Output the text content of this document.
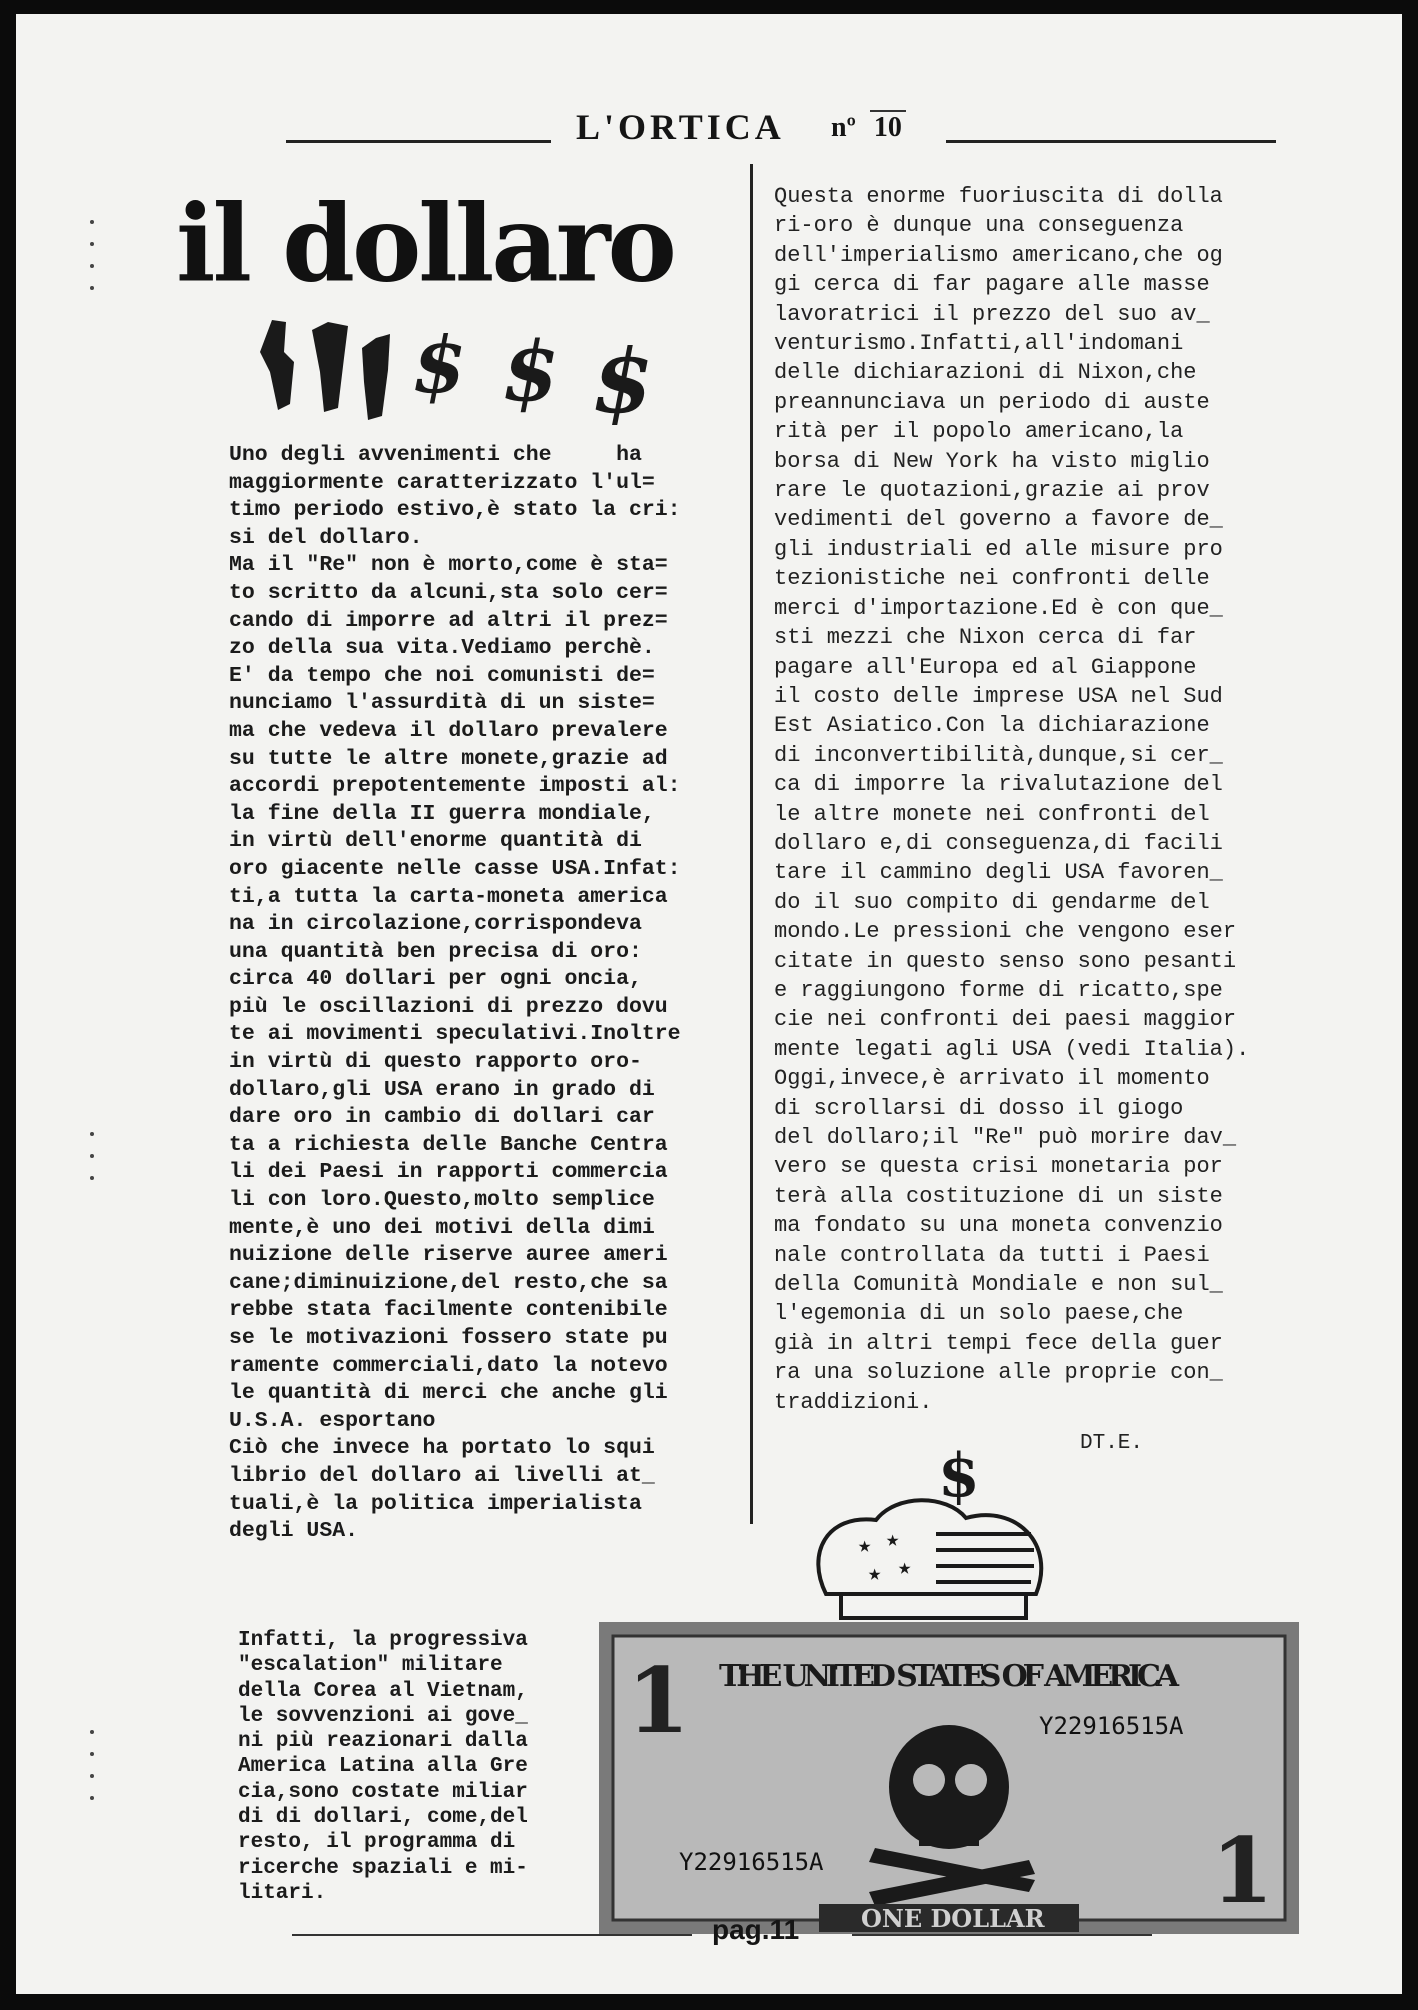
L'ORTICA nº 10
il dollaro
$ $ $
Uno degli avvenimenti che     ha
maggiormente caratterizzato l'ul=
timo periodo estivo,è stato la cri:
si del dollaro.
Ma il "Re" non è morto,come è sta=
to scritto da alcuni,sta solo cer=
cando di imporre ad altri il prez=
zo della sua vita.Vediamo perchè.
E' da tempo che noi comunisti de=
nunciamo l'assurdità di un siste=
ma che vedeva il dollaro prevalere
su tutte le altre monete,grazie ad
accordi prepotentemente imposti al:
la fine della II guerra mondiale,
in virtù dell'enorme quantità di
oro giacente nelle casse USA.Infat:
ti,a tutta la carta-moneta america
na in circolazione,corrispondeva
una quantità ben precisa di oro:
circa 40 dollari per ogni oncia,
più le oscillazioni di prezzo dovu
te ai movimenti speculativi.Inoltre
in virtù di questo rapporto oro-
dollaro,gli USA erano in grado di
dare oro in cambio di dollari car
ta a richiesta delle Banche Centra
li dei Paesi in rapporti commercia
li con loro.Questo,molto semplice
mente,è uno dei motivi della dimi
nuizione delle riserve auree ameri
cane;diminuizione,del resto,che sa
rebbe stata facilmente contenibile
se le motivazioni fossero state pu
ramente commerciali,dato la notevo
le quantità di merci che anche gli
U.S.A. esportano
Ciò che invece ha portato lo squi
librio del dollaro ai livelli at_
tuali,è la politica imperialista
degli USA.
Infatti, la progressiva
"escalation" militare
della Corea al Vietnam,
le sovvenzioni ai gove_
ni più reazionari dalla
America Latina alla Gre
cia,sono costate miliar
di di dollari, come,del
resto, il programma di
ricerche spaziali e mi-
litari.
Questa enorme fuoriuscita di dolla
ri-oro è dunque una conseguenza
dell'imperialismo americano,che og
gi cerca di far pagare alle masse
lavoratrici il prezzo del suo av_
venturismo.Infatti,all'indomani
delle dichiarazioni di Nixon,che
preannunciava un periodo di auste
rità per il popolo americano,la
borsa di New York ha visto miglio
rare le quotazioni,grazie ai prov
vedimenti del governo a favore de_
gli industriali ed alle misure pro
tezionistiche nei confronti delle
merci d'importazione.Ed è con que_
sti mezzi che Nixon cerca di far
pagare all'Europa ed al Giappone
il costo delle imprese USA nel Sud
Est Asiatico.Con la dichiarazione
di inconvertibilità,dunque,si cer_
ca di imporre la rivalutazione del
le altre monete nei confronti del
dollaro e,di conseguenza,di facili
tare il cammino degli USA favoren_
do il suo compito di gendarme del
mondo.Le pressioni che vengono eser
citate in questo senso sono pesanti
e raggiungono forme di ricatto,spe
cie nei confronti dei paesi maggior
mente legati agli USA (vedi Italia).
Oggi,invece,è arrivato il momento
di scrollarsi di dosso il giogo
del dollaro;il "Re" può morire dav_
vero se questa crisi monetaria por
terà alla costituzione di un siste
ma fondato su una moneta convenzio
nale controllata da tutti i Paesi
della Comunità Mondiale e non sul_
l'egemonia di un solo paese,che
già in altri tempi fece della guer
ra una soluzione alle proprie con_
traddizioni.
DT.E.
$
★ ★
★ ★
1
1
THE UNITED STATES OF AMERICA
Y22916515A
Y22916515A
ONE DOLLAR
pag.11
